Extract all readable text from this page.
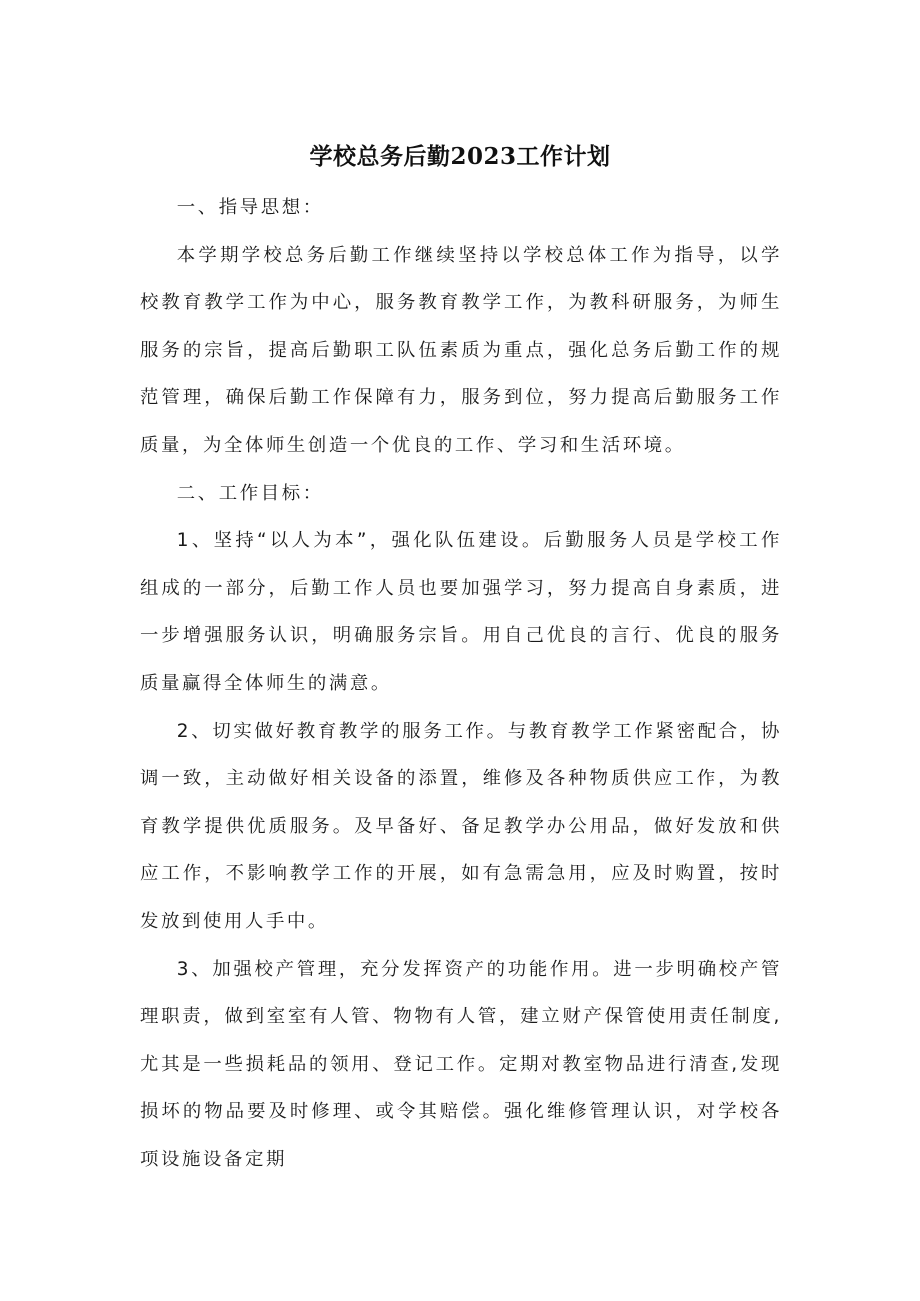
学校总务后勤2023工作计划

一、指导思想：

本学期学校总务后勤工作继续坚持以学校总体工作为指导，以学校教育教学工作为中心，服务教育教学工作，为教科研服务，为师生服务的宗旨，提高后勤职工队伍素质为重点，强化总务后勤工作的规范管理，确保后勤工作保障有力，服务到位，努力提高后勤服务工作质量，为全体师生创造一个优良的工作、学习和生活环境。

二、工作目标：

1、坚持“以人为本”，强化队伍建设。后勤服务人员是学校工作组成的一部分，后勤工作人员也要加强学习，努力提高自身素质，进一步增强服务认识，明确服务宗旨。用自己优良的言行、优良的服务质量赢得全体师生的满意。

2、切实做好教育教学的服务工作。与教育教学工作紧密配合，协调一致，主动做好相关设备的添置，维修及各种物质供应工作，为教育教学提供优质服务。及早备好、备足教学办公用品，做好发放和供应工作，不影响教学工作的开展，如有急需急用，应及时购置，按时发放到使用人手中。

3、加强校产管理，充分发挥资产的功能作用。进一步明确校产管理职责，做到室室有人管、物物有人管，建立财产保管使用责任制度,尤其是一些损耗品的领用、登记工作。定期对教室物品进行清查,发现损坏的物品要及时修理、或令其赔偿。强化维修管理认识，对学校各项设施设备定期
